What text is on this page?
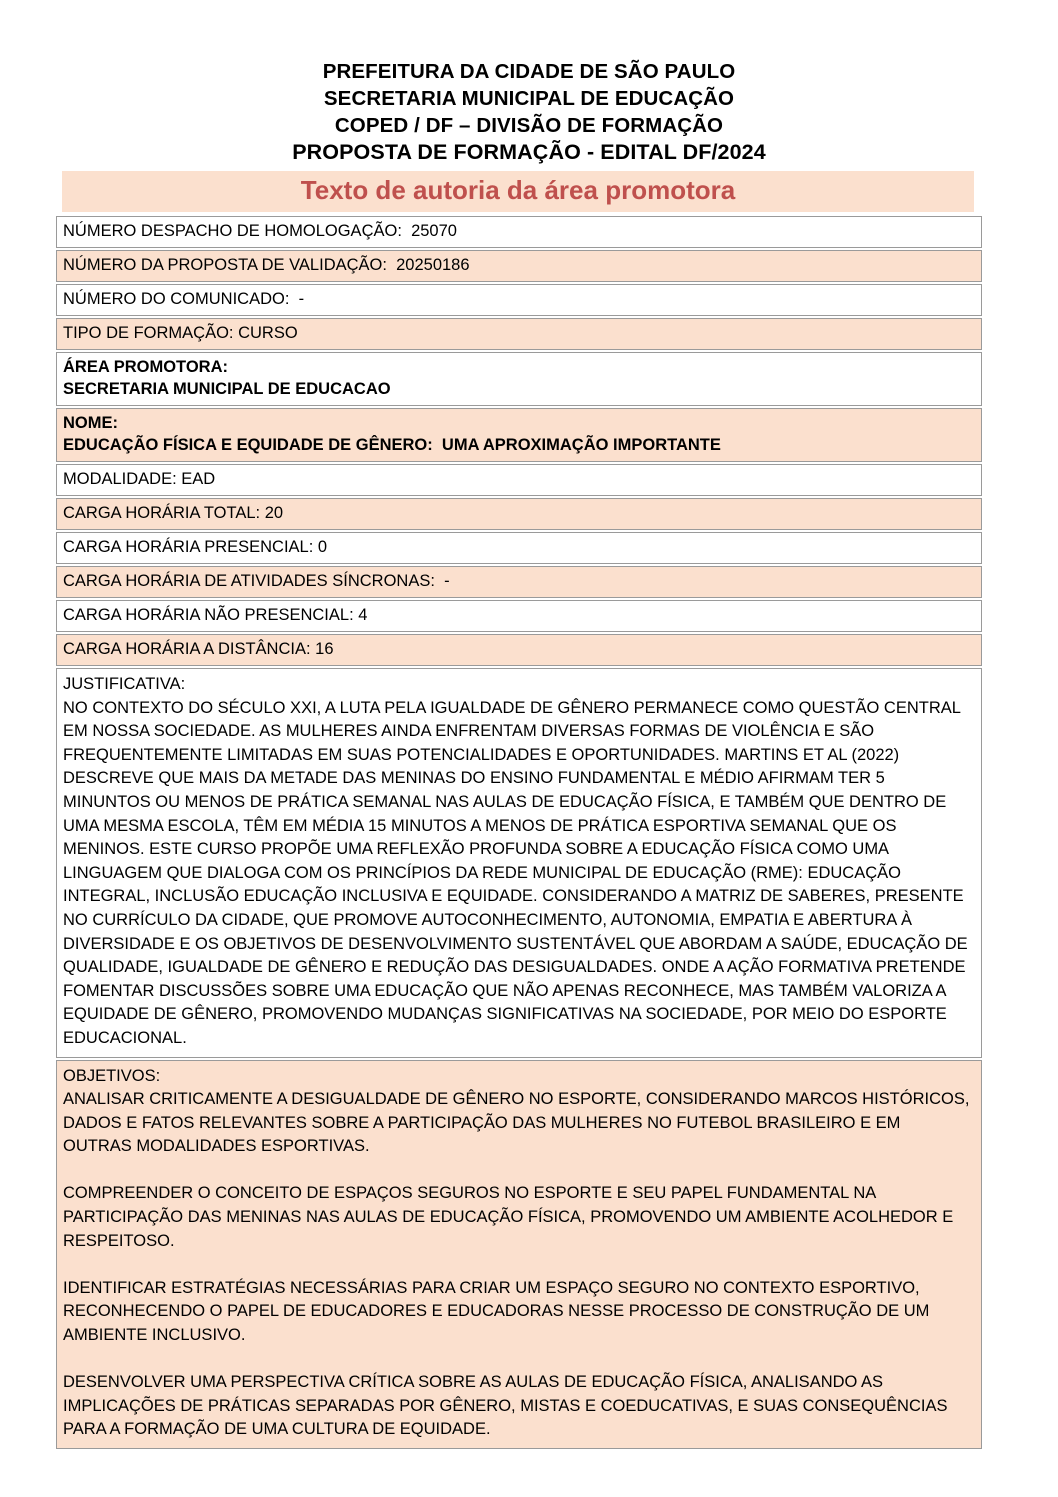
PREFEITURA DA CIDADE DE SÃO PAULO
SECRETARIA MUNICIPAL DE EDUCAÇÃO
COPED / DF – DIVISÃO DE FORMAÇÃO
PROPOSTA DE FORMAÇÃO - EDITAL DF/2024
Texto de autoria da área promotora
NÚMERO DESPACHO DE HOMOLOGAÇÃO:  25070

NÚMERO DA PROPOSTA DE VALIDAÇÃO:  20250186

NÚMERO DO COMUNICADO:  -

TIPO DE FORMAÇÃO: CURSO

ÁREA PROMOTORA:
SECRETARIA MUNICIPAL DE EDUCACAO

NOME:
EDUCAÇÃO FÍSICA E EQUIDADE DE GÊNERO:  UMA APROXIMAÇÃO IMPORTANTE

MODALIDADE: EAD

CARGA HORÁRIA TOTAL: 20

CARGA HORÁRIA PRESENCIAL: 0

CARGA HORÁRIA DE ATIVIDADES SÍNCRONAS:  -

CARGA HORÁRIA NÃO PRESENCIAL: 4

CARGA HORÁRIA A DISTÂNCIA: 16

JUSTIFICATIVA:
NO CONTEXTO DO SÉCULO XXI, A LUTA PELA IGUALDADE DE GÊNERO PERMANECE COMO QUESTÃO CENTRAL EM NOSSA SOCIEDADE. AS MULHERES AINDA ENFRENTAM DIVERSAS FORMAS DE VIOLÊNCIA E SÃO FREQUENTEMENTE LIMITADAS EM SUAS POTENCIALIDADES E OPORTUNIDADES. MARTINS ET AL (2022) DESCREVE QUE MAIS DA METADE DAS MENINAS DO ENSINO FUNDAMENTAL E MÉDIO AFIRMAM TER 5 MINUNTOS OU MENOS DE PRÁTICA SEMANAL NAS AULAS DE EDUCAÇÃO FÍSICA, E TAMBÉM QUE DENTRO DE UMA MESMA ESCOLA, TÊM EM MÉDIA 15 MINUTOS A MENOS DE PRÁTICA ESPORTIVA SEMANAL QUE OS MENINOS. ESTE CURSO PROPÕE UMA REFLEXÃO PROFUNDA SOBRE A EDUCAÇÃO FÍSICA COMO UMA LINGUAGEM QUE DIALOGA COM OS PRINCÍPIOS DA REDE MUNICIPAL DE EDUCAÇÃO (RME): EDUCAÇÃO INTEGRAL, INCLUSÃO EDUCAÇÃO INCLUSIVA E EQUIDADE. CONSIDERANDO A MATRIZ DE SABERES, PRESENTE NO CURRÍCULO DA CIDADE, QUE PROMOVE AUTOCONHECIMENTO, AUTONOMIA, EMPATIA E ABERTURA À DIVERSIDADE E OS OBJETIVOS DE DESENVOLVIMENTO SUSTENTÁVEL QUE ABORDAM A SAÚDE, EDUCAÇÃO DE QUALIDADE, IGUALDADE DE GÊNERO E REDUÇÃO DAS DESIGUALDADES. ONDE A AÇÃO FORMATIVA PRETENDE FOMENTAR DISCUSSÕES SOBRE UMA EDUCAÇÃO QUE NÃO APENAS RECONHECE, MAS TAMBÉM VALORIZA A EQUIDADE DE GÊNERO, PROMOVENDO MUDANÇAS SIGNIFICATIVAS NA SOCIEDADE, POR MEIO DO ESPORTE EDUCACIONAL.

OBJETIVOS:
ANALISAR CRITICAMENTE A DESIGUALDADE DE GÊNERO NO ESPORTE, CONSIDERANDO MARCOS HISTÓRICOS, DADOS E FATOS RELEVANTES SOBRE A PARTICIPAÇÃO DAS MULHERES NO FUTEBOL BRASILEIRO E EM OUTRAS MODALIDADES ESPORTIVAS.
COMPREENDER O CONCEITO DE ESPAÇOS SEGUROS NO ESPORTE E SEU PAPEL FUNDAMENTAL NA PARTICIPAÇÃO DAS MENINAS NAS AULAS DE EDUCAÇÃO FÍSICA, PROMOVENDO UM AMBIENTE ACOLHEDOR E RESPEITOSO.
IDENTIFICAR ESTRATÉGIAS NECESSÁRIAS PARA CRIAR UM ESPAÇO SEGURO NO CONTEXTO ESPORTIVO, RECONHECENDO O PAPEL DE EDUCADORES E EDUCADORAS NESSE PROCESSO DE CONSTRUÇÃO DE UM AMBIENTE INCLUSIVO.
DESENVOLVER UMA PERSPECTIVA CRÍTICA SOBRE AS AULAS DE EDUCAÇÃO FÍSICA, ANALISANDO AS IMPLICAÇÕES DE PRÁTICAS SEPARADAS POR GÊNERO, MISTAS E COEDUCATIVAS, E SUAS CONSEQUÊNCIAS PARA A FORMAÇÃO DE UMA CULTURA DE EQUIDADE.
